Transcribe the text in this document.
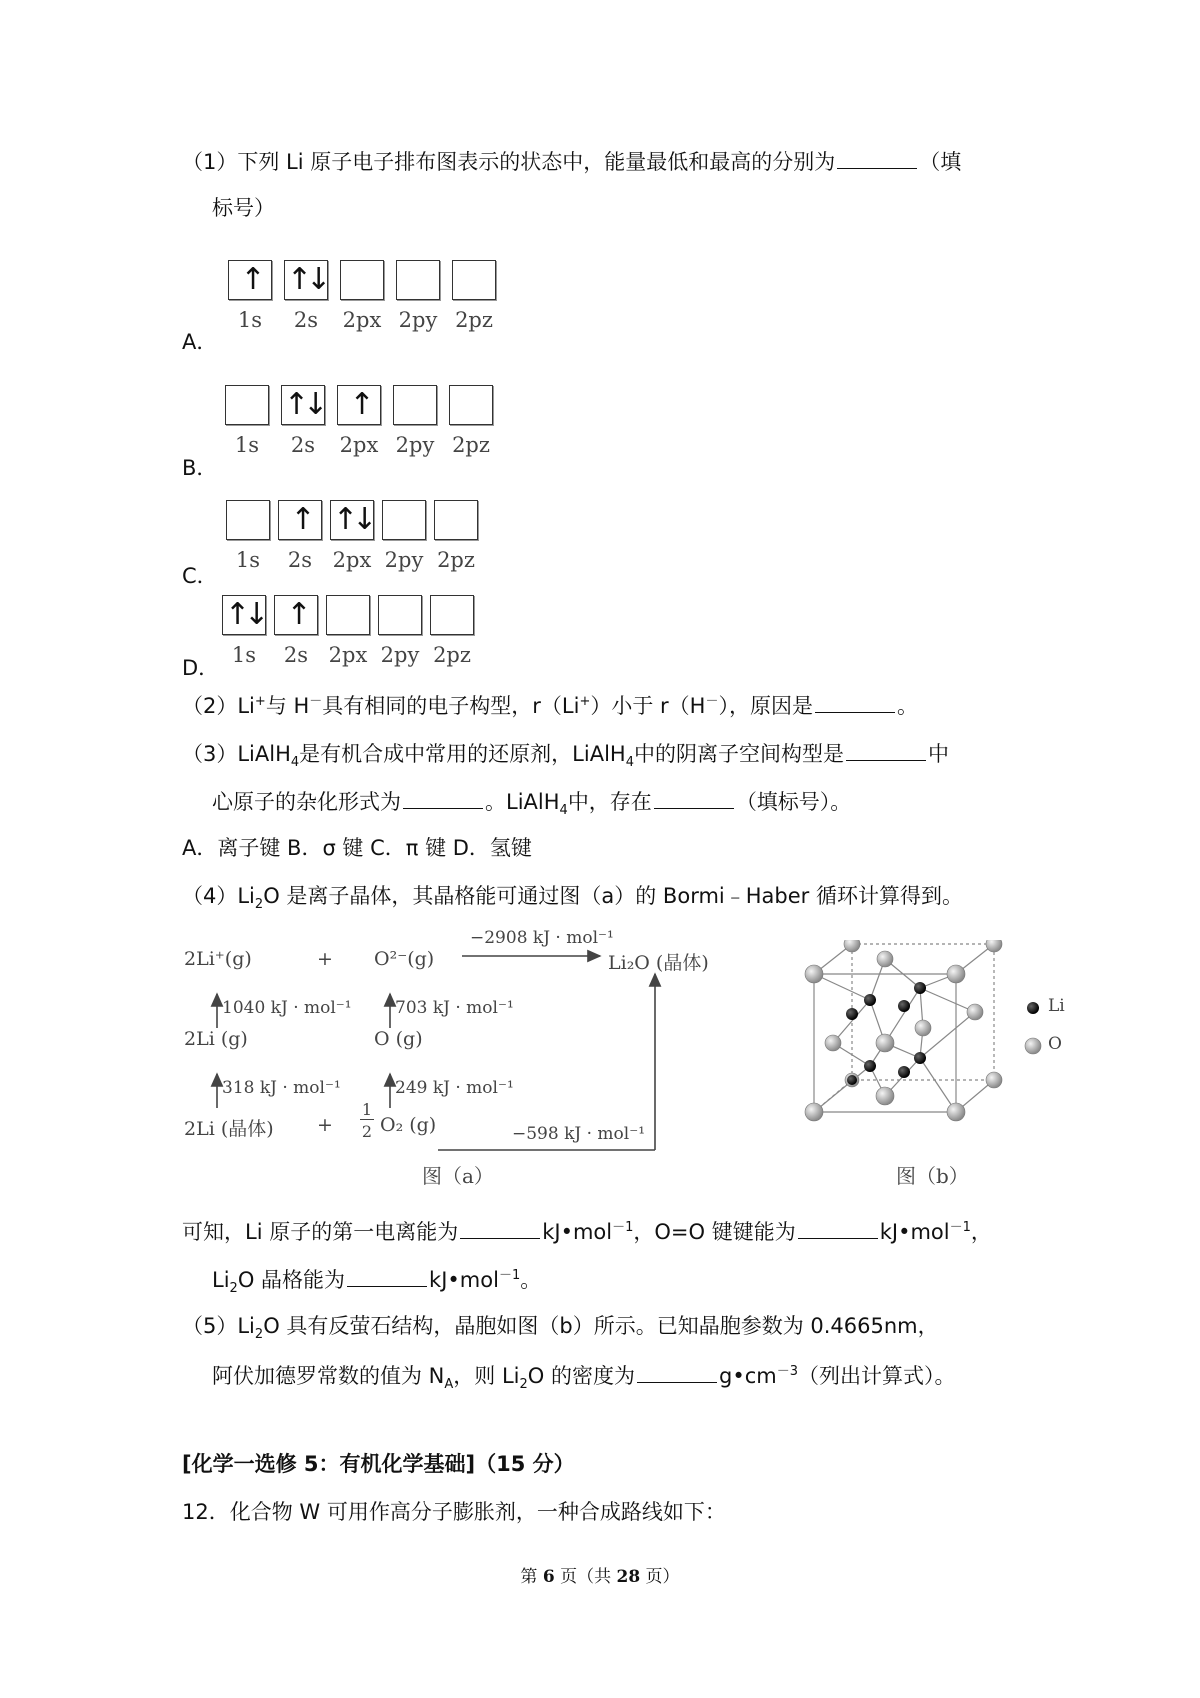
（1）下列 Li 原子电子排布图表示的状态中，能量最低和最高的分别为	（填
标号）
A．
↑
1s
↑↓
2s	2px 2py 2pz
B．
1s
↑↓
2s
↑
2px 2py 2pz
C．
1s
↑
2s
↑↓
2px 2py 2pz
D．
↑↓
1s
↑
2s 2px 2py 2pz
（2）Li+与 H－具有相同的电子构型，r（Li+）小于 r（H－），原因是	。
（3）LiAlH$_4$是有机合成中常用的还原剂，LiAlH$_4$中的阴离子空间构型是	中
心原子的杂化形式为	。LiAlH$_4$中，存在	（填标号）。
A．离子键 B．σ 键 C．π 键 D．氢键
$(4)Li_2O$ 是离子晶体，其晶格能可通过图（a）的 Bormi﹣Haber 循环计算得到。
2Li⁺(g)	+ O²⁻(g)
−2908 kJ · mol⁻¹
Li₂O (晶体)
1040 kJ · mol⁻¹	703 kJ · mol⁻¹
2Li (g)	O (g)
318 kJ · mol⁻¹	249 kJ · mol⁻¹
2Li (晶体) +
1
2 O₂ (g)	−598 kJ · mol⁻¹
图（a）
Li
O
图（b）
可知，Li 原子的第一电离能为	kJ•mol$^{-1}$，O=O 键键能为	kJ•mol$^{-1}$，
$Li_2O$ 晶格能为	kJ•mol$^{-1}$。
$(5)Li_2O$ 具有反萤石结构，晶胞如图（b）所示。已知晶胞参数为 0.4665nm，
阿伏加德罗常数的值为 $N_A$，则 $Li_2O$ 的密度为	$g•cm^{-3}$（列出计算式）。
[化学一选修 5：有机化学基础]（15 分）
12．化合物 W 可用作高分子膨胀剂，一种合成路线如下：
第 6 页（共 28 页）
